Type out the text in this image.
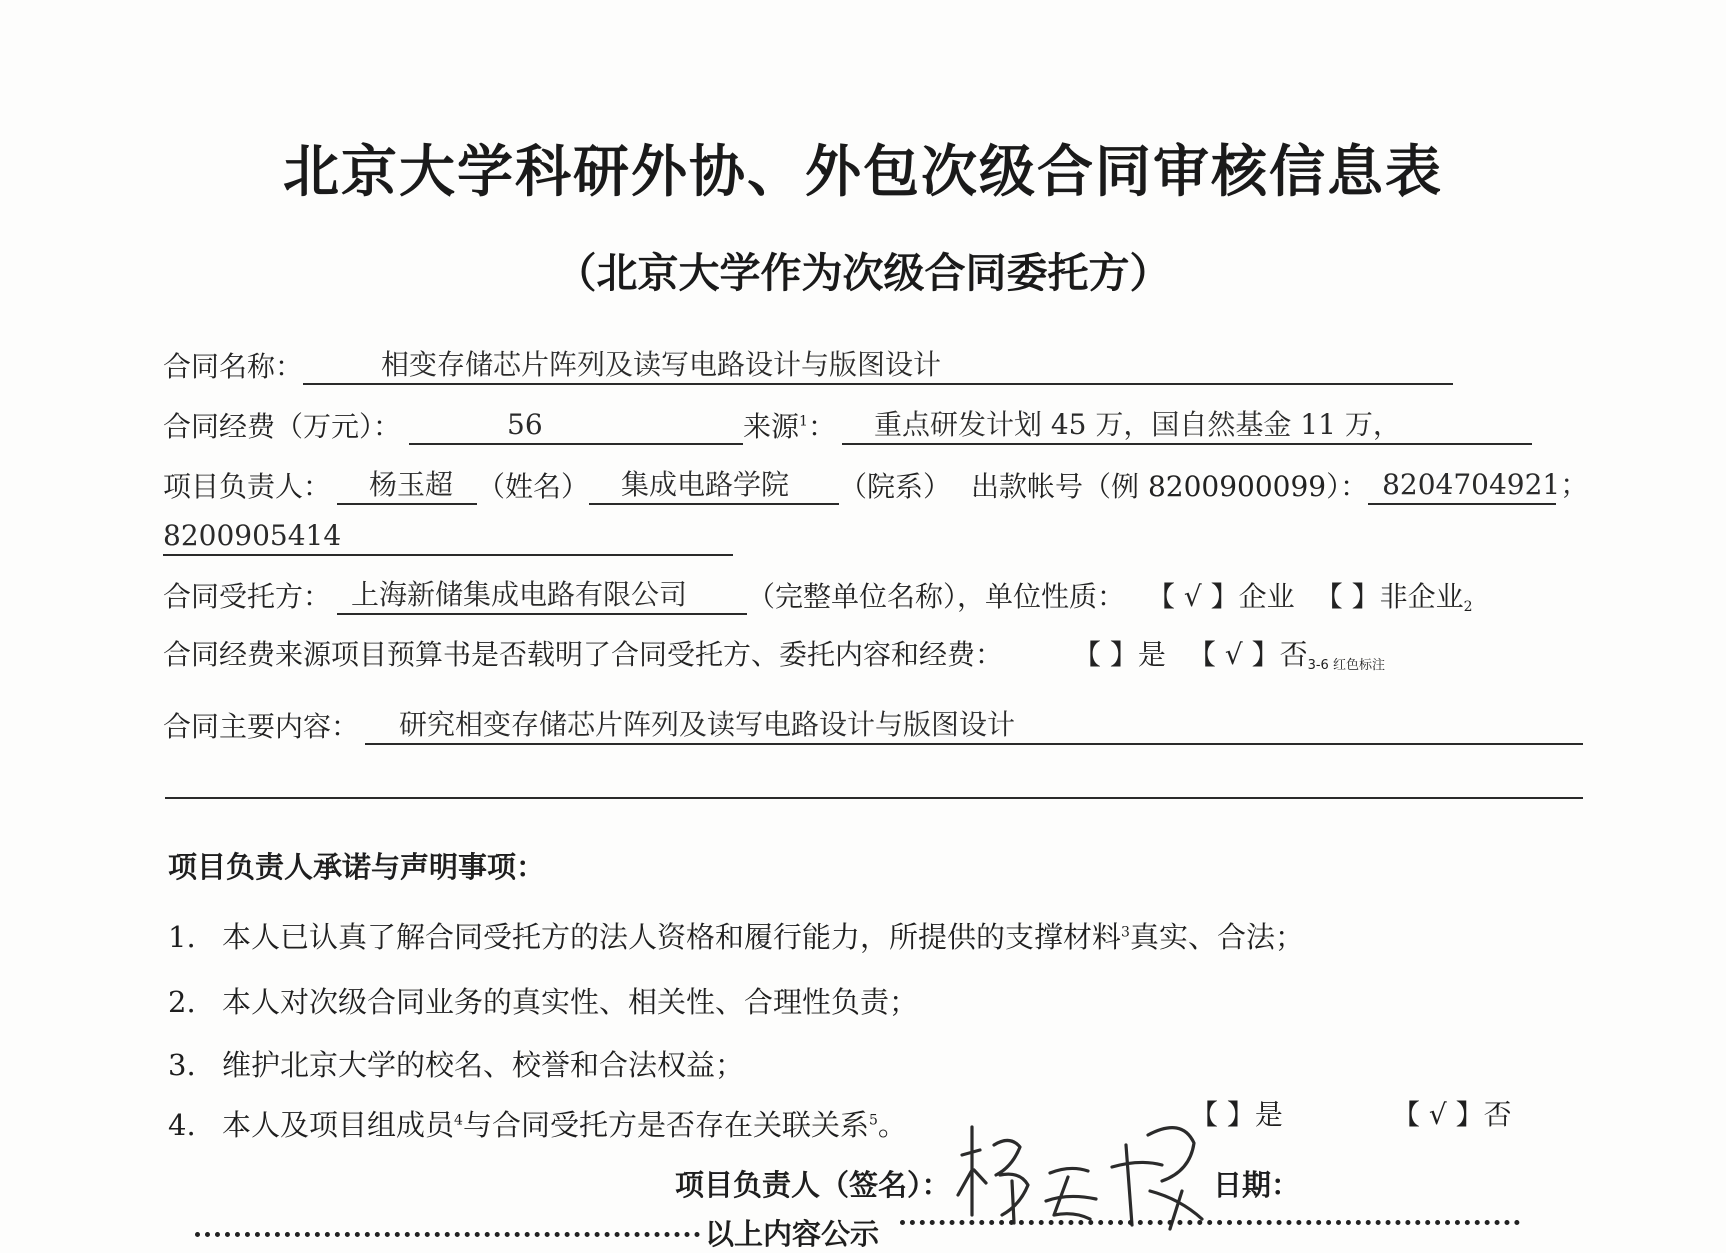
北京大学科研外协、外包次级合同审核信息表
（北京大学作为次级合同委托方）
合同名称：	相变存储芯片阵列及读写电路设计与版图设计
合同经费（万元）：	56	来源$^1$：	重点研发计划 45 万，国自然基金 11 万，
项目负责人：	杨玉超 （姓名）	集成电路学院	（院系） 出款帐号（例 8200900099）： 8204704921；
8200905414
合同受托方： 上海新储集成电路有限公司	（完整单位名称），单位性质： 【 √ 】企业 【 】非企业 2
合同经费来源项目预算书是否载明了合同受托方、委托内容和经费：	【 】是 【 √ 】否 3-6 红色标注
合同主要内容：	研究相变存储芯片阵列及读写电路设计与版图设计
项目负责人承诺与声明事项：
1. 本人已认真了解合同受托方的法人资格和履行能力，所提供的支撑材料$^3$真实、合法；
2. 本人对次级合同业务的真实性、相关性、合理性负责；
3. 维护北京大学的校名、校誉和合法权益；
4. 本人及项目组成员$^4$与合同受托方是否存在关联关系$^5$。	【 】是	【 √ 】否
项目负责人（签名）：	日期：
以上内容公示
